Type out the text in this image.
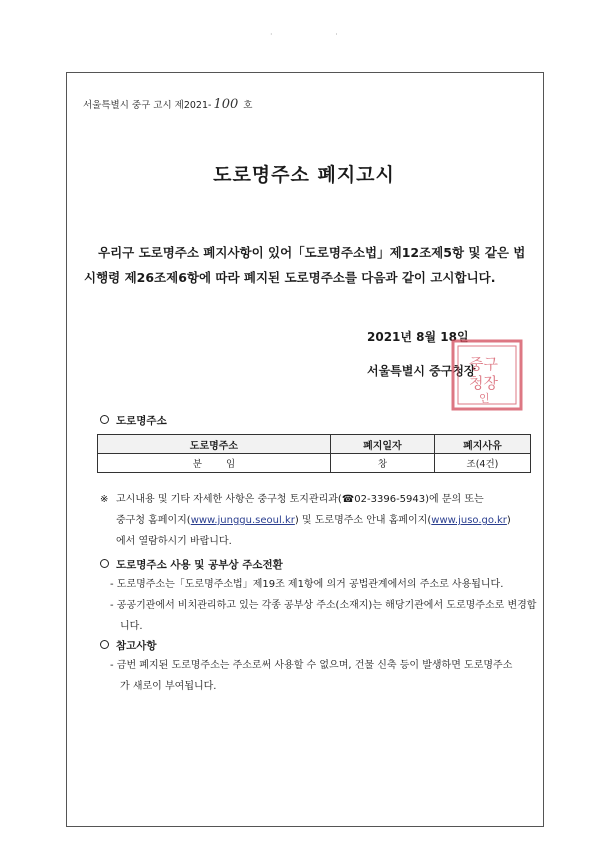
· ·
서울특별시 중구 고시 제2021- 100 호
도로명주소 폐지고시
우리구 도로명주소 폐지사항이 있어「도로명주소법」제12조제5항 및 같은 법
시행령 제26조제6항에 따라 폐지된 도로명주소를 다음과 같이 고시합니다.
2021년 8월 18일
서울특별시 중구청장
중구
청장
인
도로명주소
도로명주소	폐지일자	폐지사유
분        임	창	조(4건)
※ 고시내용 및 기타 자세한 사항은 중구청 토지관리과(☎02-3396-5943)에 문의 또는
중구청 홈페이지(www.junggu.seoul.kr) 및 도로명주소 안내 홈페이지(www.juso.go.kr)
에서 열람하시기 바랍니다.
도로명주소 사용 및 공부상 주소전환
- 도로명주소는「도로명주소법」제19조 제1항에 의거 공법관계에서의 주소로 사용됩니다.
- 공공기관에서 비치관리하고 있는 각종 공부상 주소(소재지)는 해당기관에서 도로명주소로 변경합니다.
참고사항
- 금번 폐지된 도로명주소는 주소로써 사용할 수 없으며, 건물 신축 등이 발생하면 도로명주소가 새로이 부여됩니다.
